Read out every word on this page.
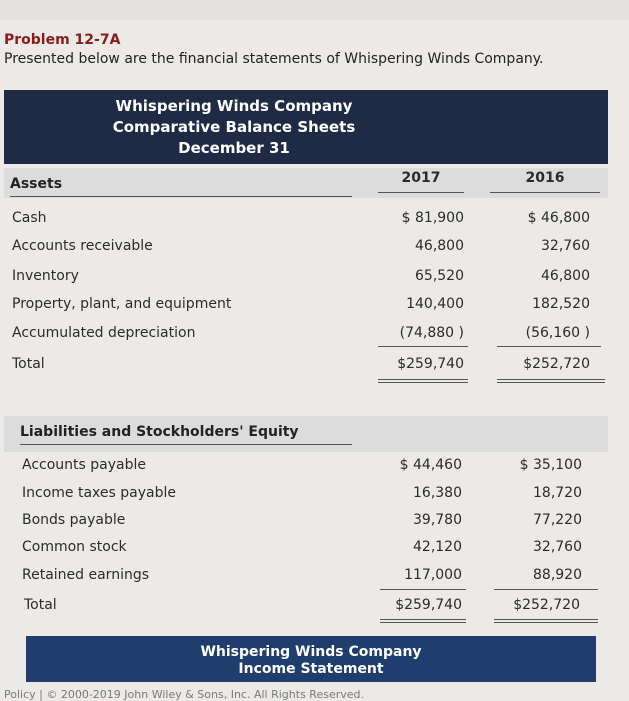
Problem 12-7A
Presented below are the financial statements of Whispering Winds Company.
Whispering Winds Company
Comparative Balance Sheets
December 31
Assets	2017	2016
Cash	$ 81,900	$ 46,800
Accounts receivable	46,800	32,760
Inventory	65,520	46,800
Property, plant, and equipment	140,400	182,520
Accumulated depreciation	(74,880 )	(56,160 )
Total	$259,740	$252,720
Liabilities and Stockholders' Equity
Accounts payable	$ 44,460	$ 35,100
Income taxes payable	16,380	18,720
Bonds payable	39,780	77,220
Common stock	42,120	32,760
Retained earnings	117,000	88,920
Total	$259,740	$252,720
Whispering Winds Company
Income Statement
Policy | © 2000-2019 John Wiley & Sons, Inc. All Rights Reserved.
